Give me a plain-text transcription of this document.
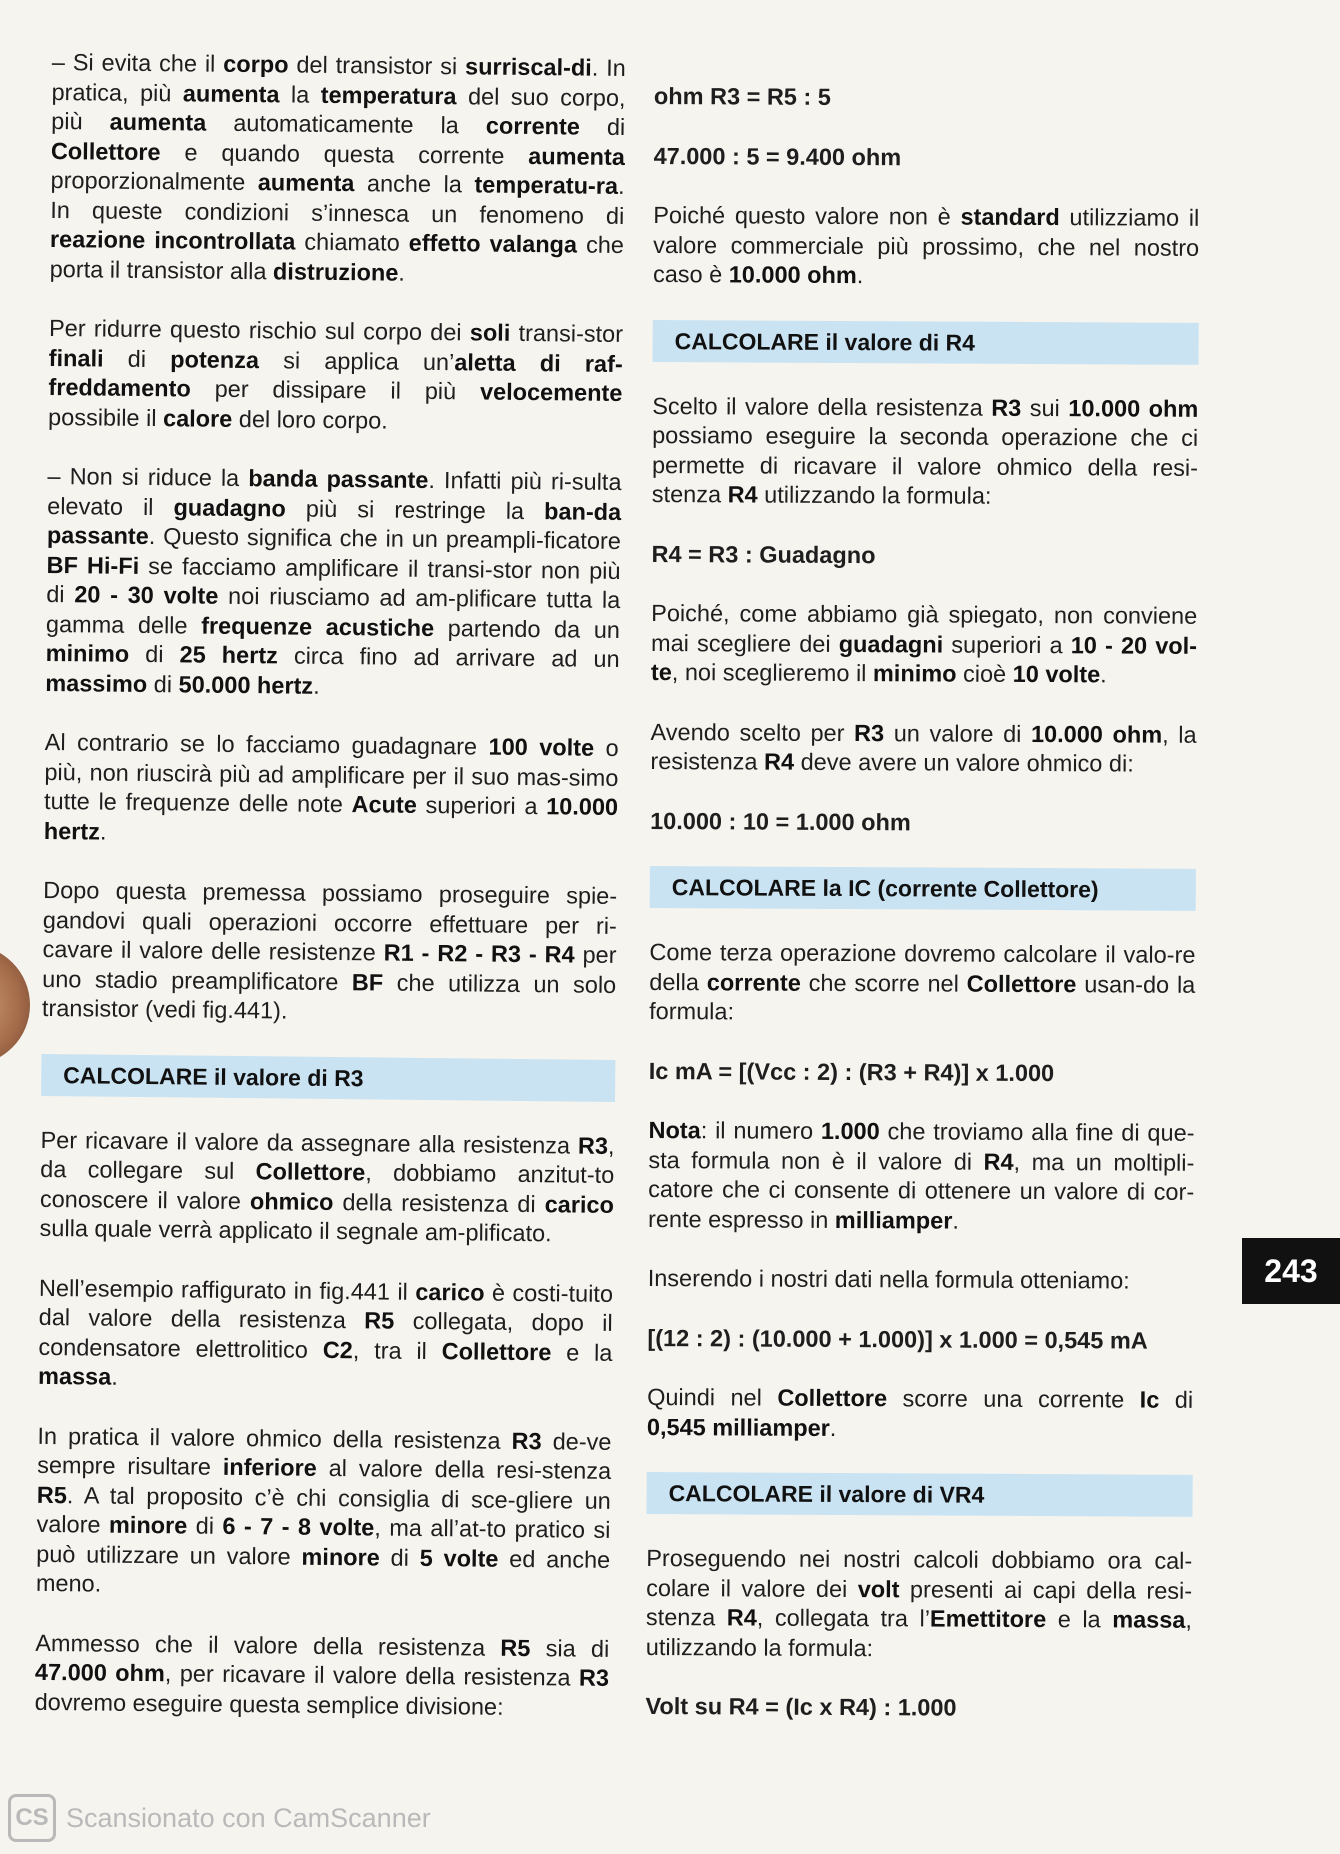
– Si evita che il corpo del transistor si surriscal-di. In pratica, più aumenta la temperatura del suo corpo, più aumenta automaticamente la corrente di Collettore e quando questa corrente aumenta proporzionalmente aumenta anche la temperatu-ra. In queste condizioni s’innesca un fenomeno di reazione incontrollata chiamato effetto valanga che porta il transistor alla distruzione.

Per ridurre questo rischio sul corpo dei soli transi-stor finali di potenza si applica un’aletta di raf-freddamento per dissipare il più velocemente possibile il calore del loro corpo.

– Non si riduce la banda passante. Infatti più ri-sulta elevato il guadagno più si restringe la ban-da passante. Questo significa che in un preampli-ficatore BF Hi-Fi se facciamo amplificare il transi-stor non più di 20 - 30 volte noi riusciamo ad am-plificare tutta la gamma delle frequenze acustiche partendo da un minimo di 25 hertz circa fino ad arrivare ad un massimo di 50.000 hertz.

Al contrario se lo facciamo guadagnare 100 volte o più, non riuscirà più ad amplificare per il suo mas-simo tutte le frequenze delle note Acute superiori a 10.000 hertz.

Dopo questa premessa possiamo proseguire spie-gandovi quali operazioni occorre effettuare per ri-cavare il valore delle resistenze R1 - R2 - R3 - R4 per uno stadio preamplificatore BF che utilizza un solo transistor (vedi fig.441).

CALCOLARE il valore di R3

Per ricavare il valore da assegnare alla resistenza R3, da collegare sul Collettore, dobbiamo anzitut-to conoscere il valore ohmico della resistenza di carico sulla quale verrà applicato il segnale am-plificato.

Nell’esempio raffigurato in fig.441 il carico è costi-tuito dal valore della resistenza R5 collegata, dopo il condensatore elettrolitico C2, tra il Collettore e la massa.

In pratica il valore ohmico della resistenza R3 de-ve sempre risultare inferiore al valore della resi-stenza R5. A tal proposito c’è chi consiglia di sce-gliere un valore minore di 6 - 7 - 8 volte, ma all’at-to pratico si può utilizzare un valore minore di 5 volte ed anche meno.

Ammesso che il valore della resistenza R5 sia di 47.000 ohm, per ricavare il valore della resistenza R3 dovremo eseguire questa semplice divisione:

ohm R3 = R5 : 5
47.000 : 5 = 9.400 ohm

Poiché questo valore non è standard utilizziamo il valore commerciale più prossimo, che nel nostro caso è 10.000 ohm.

CALCOLARE il valore di R4

Scelto il valore della resistenza R3 sui 10.000 ohm possiamo eseguire la seconda operazione che ci permette di ricavare il valore ohmico della resi-stenza R4 utilizzando la formula:

R4 = R3 : Guadagno

Poiché, come abbiamo già spiegato, non conviene mai scegliere dei guadagni superiori a 10 - 20 vol-te, noi sceglieremo il minimo cioè 10 volte.

Avendo scelto per R3 un valore di 10.000 ohm, la resistenza R4 deve avere un valore ohmico di:

10.000 : 10 = 1.000 ohm
CALCOLARE la IC (corrente Collettore)

Come terza operazione dovremo calcolare il valo-re della corrente che scorre nel Collettore usan-do la formula:

Ic mA = [(Vcc : 2) : (R3 + R4)] x 1.000

Nota: il numero 1.000 che troviamo alla fine di que-sta formula non è il valore di R4, ma un moltipli-catore che ci consente di ottenere un valore di cor-rente espresso in milliamper.

Inserendo i nostri dati nella formula otteniamo:

[(12 : 2) : (10.000 + 1.000)] x 1.000 = 0,545 mA

Quindi nel Collettore scorre una corrente Ic di 0,545 milliamper.

CALCOLARE il valore di VR4

Proseguendo nei nostri calcoli dobbiamo ora cal-colare il valore dei volt presenti ai capi della resi-stenza R4, collegata tra l’Emettitore e la massa, utilizzando la formula:

Volt su R4 = (Ic x R4) : 1.000
243
CS Scansionato con CamScanner
